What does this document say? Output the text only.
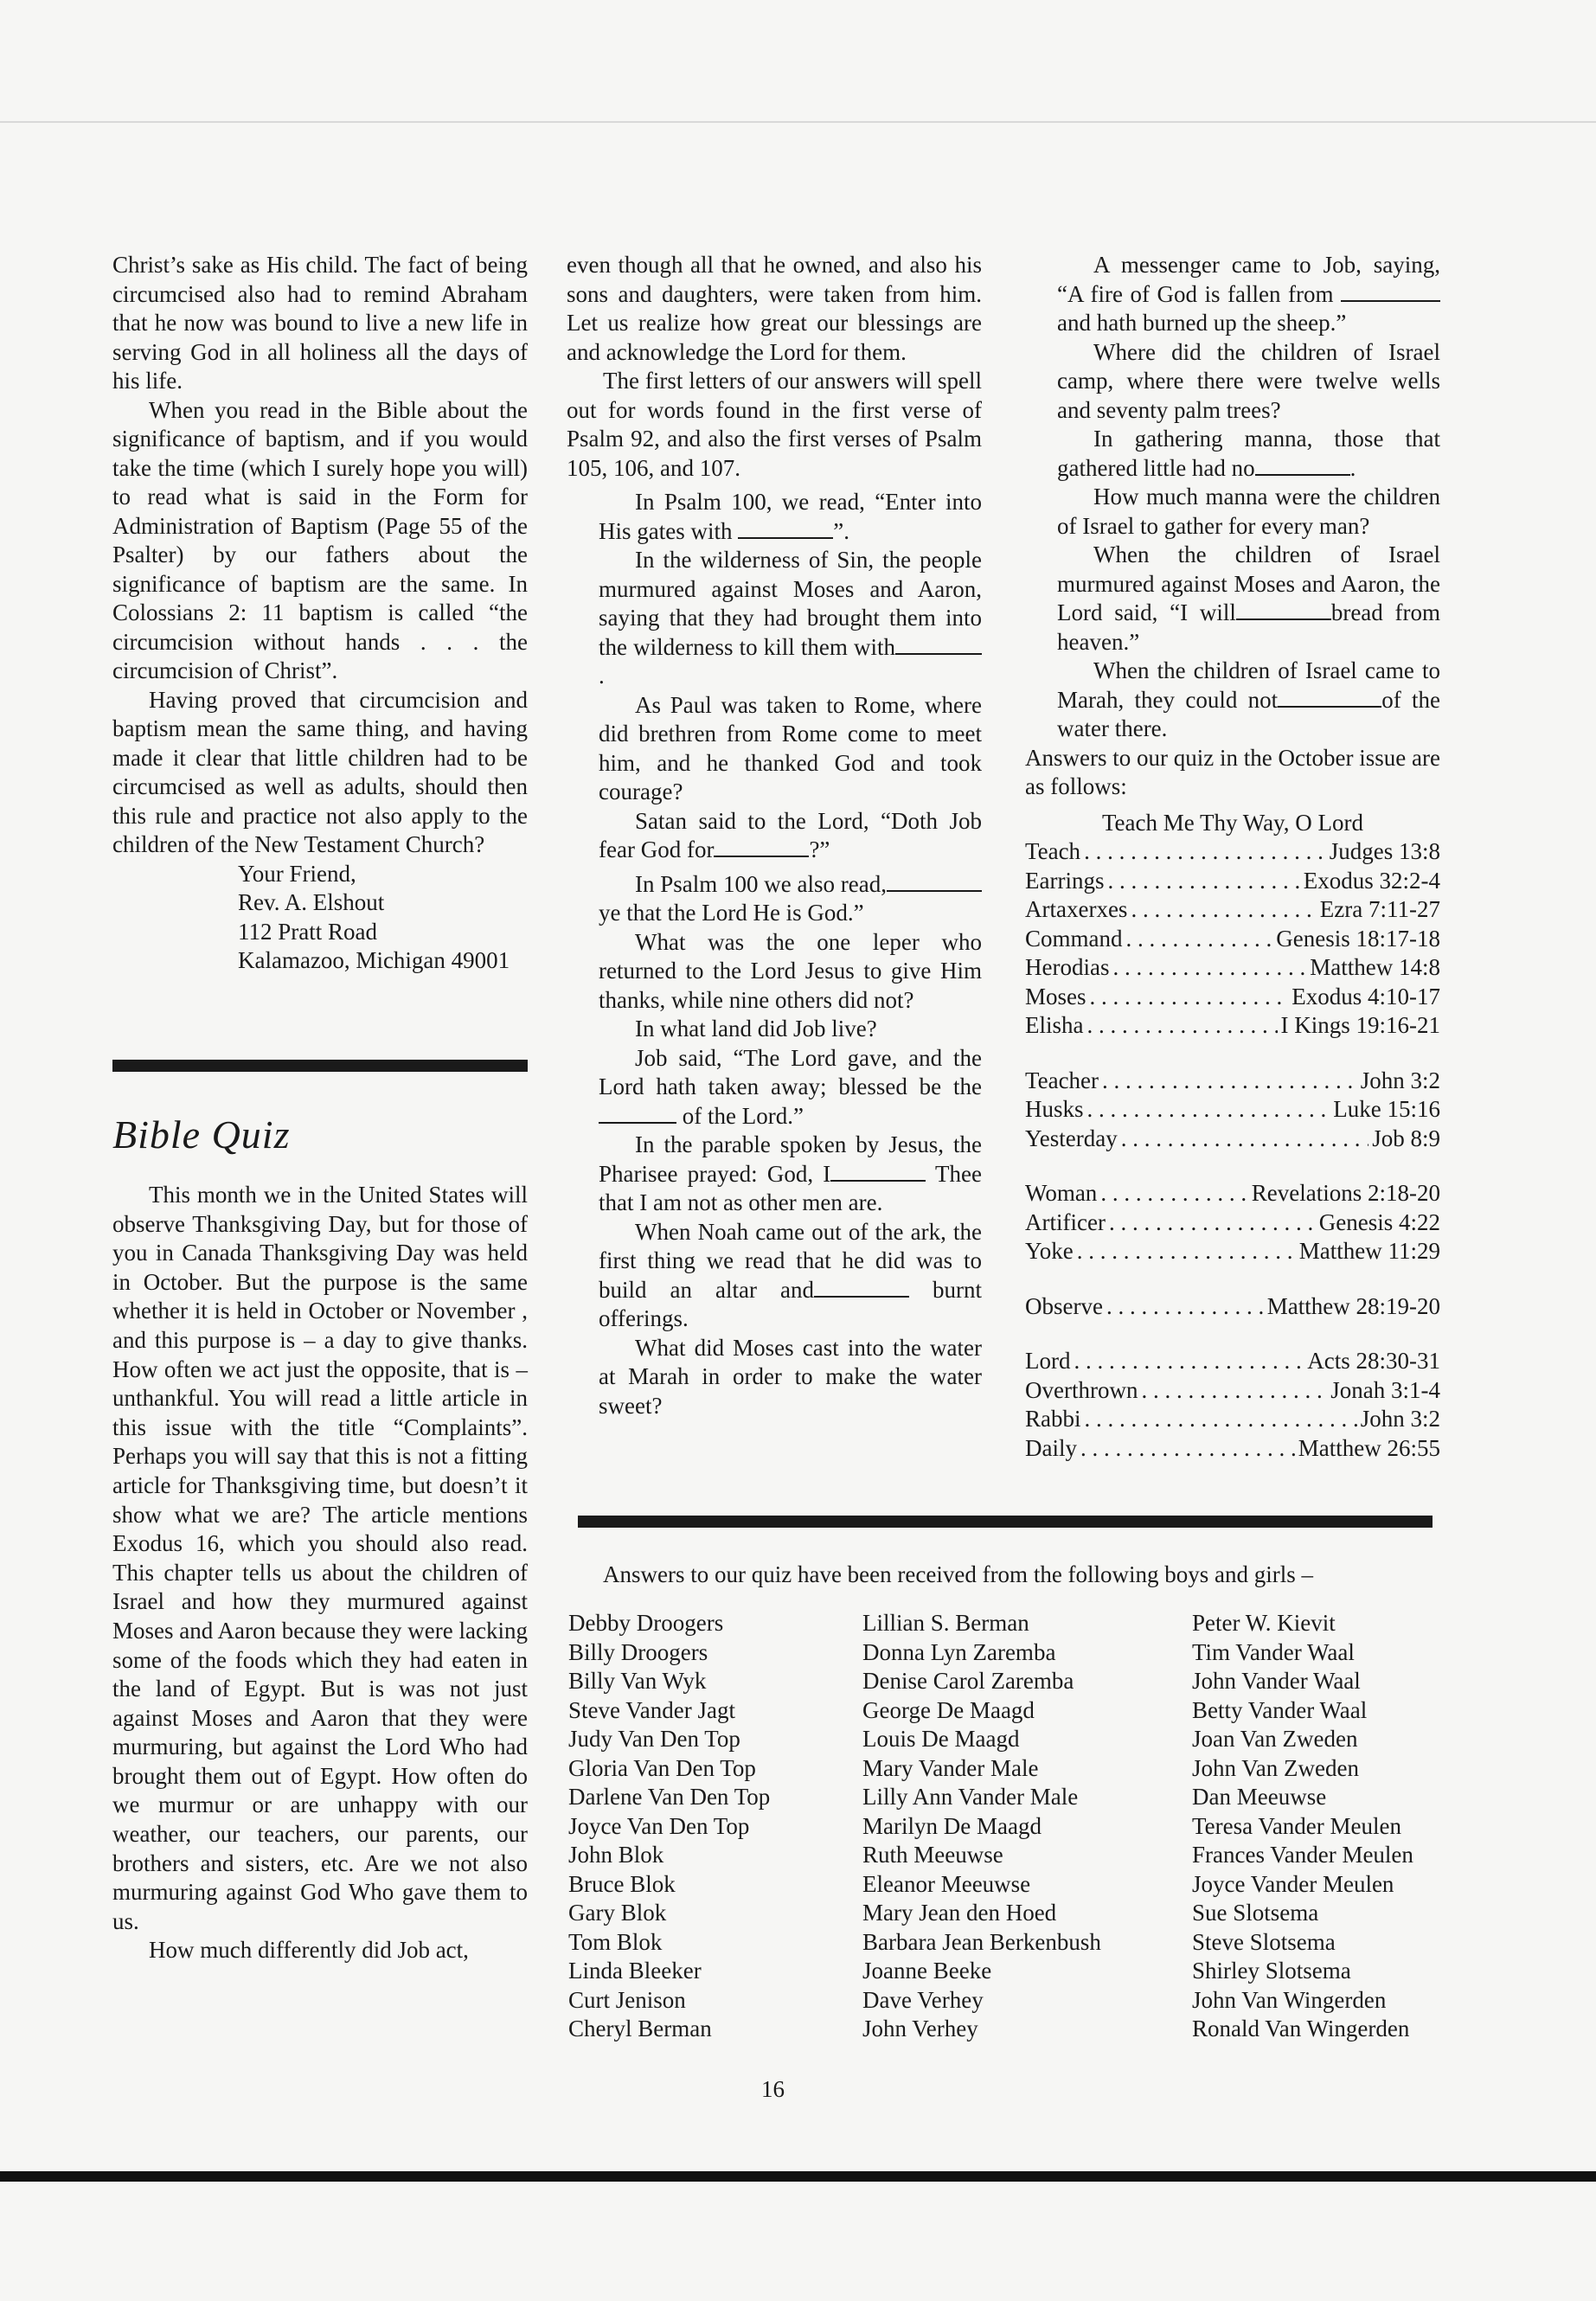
Christ’s sake as His child. The fact of being circumcised also had to remind Abraham that he now was bound to live a new life in serving God in all holiness all the days of his life.

When you read in the Bible about the significance of baptism, and if you would take the time (which I surely hope you will) to read what is said in the Form for Administration of Baptism (Page 55 of the Psalter) by our fathers about the significance of baptism are the same. In Colossians 2: 11 baptism is called “the circumcision without hands . . . the circumcision of Christ”.

Having proved that circumcision and baptism mean the same thing, and having made it clear that little children had to be circumcised as well as adults, should then this rule and practice not also apply to the children of the New Testament Church?

Your Friend,
Rev. A. Elshout
112 Pratt Road
Kalamazoo, Michigan 49001
Bible Quiz

This month we in the United States will observe Thanksgiving Day, but for those of you in Canada Thanksgiving Day was held in October. But the purpose is the same whether it is held in October or November , and this purpose is – a day to give thanks. How often we act just the opposite, that is – unthankful. You will read a little article in this issue with the title “Complaints”. Perhaps you will say that this is not a fitting article for Thanksgiving time, but doesn’t it show what we are? The article mentions Exodus 16, which you should also read. This chapter tells us about the children of Israel and how they murmured against Moses and Aaron because they were lacking some of the foods which they had eaten in the land of Egypt. But is was not just against Moses and Aaron that they were murmuring, but against the Lord Who had brought them out of Egypt. How often do we murmur or are unhappy with our weather, our teachers, our parents, our brothers and sisters, etc. Are we not also murmuring against God Who gave them to us.

How much differently did Job act,

even though all that he owned, and also his sons and daughters, were taken from him. Let us realize how great our blessings are and acknowledge the Lord for them.

The first letters of our answers will spell out for words found in the first verse of Psalm 92, and also the first verses of Psalm 105, 106, and 107.

In Psalm 100, we read, “Enter into His gates with	”.

In the wilderness of Sin, the people murmured against Moses and Aaron, saying that they had brought them into the wilderness to kill them with.

As Paul was taken to Rome, where did brethren from Rome come to meet him, and he thanked God and took courage?

Satan said to the Lord, “Doth Job fear God for	?”

In Psalm 100 we also read, ye that the Lord He is God.”

What was the one leper who returned to the Lord Jesus to give Him thanks, while nine others did not?

In what land did Job live?

Job said, “The Lord gave, and the Lord hath taken away; blessed be the of the Lord.”

In the parable spoken by Jesus, the Pharisee prayed: God, I	Thee that I am not as other men are.

When Noah came out of the ark, the first thing we read that he did was to build an altar and	burnt offerings.

What did Moses cast into the water at Marah in order to make the water sweet?

A messenger came to Job, saying, “A fire of God is fallen from  and hath burned up the sheep.”

Where did the children of Israel camp, where there were twelve wells and seventy palm trees?

In gathering manna, those that gathered little had no	.

How much manna were the children of Israel to gather for every man?

When the children of Israel murmured against Moses and Aaron, the Lord said, “I will	bread from heaven.”

When the children of Israel came to Marah, they could not	of the water there.

Answers to our quiz in the October issue are as follows:

Teach Me Thy Way, O Lord
Teach . . .	Judges 13:8
Earrings . . .	Exodus 32:2-4
Artaxerxes . . .	Ezra 7:11-27
Command . . .	Genesis 18:17-18
Herodias . . .	Matthew 14:8
Moses . . .	Exodus 4:10-17
Elisha . . .	I Kings 19:16-21
Teacher . . .	John 3:2
Husks . . .	Luke 15:16
Yesterday . . .	Job 8:9
Woman . . .	Revelations 2:18-20
Artificer . . .	Genesis 4:22
Yoke . . .	Matthew 11:29
Observe . . .	Matthew 28:19-20
Lord . . .	Acts 28:30-31
Overthrown . . .	Jonah 3:1-4
Rabbi . . .	John 3:2
Daily . . .	Matthew 26:55
Answers to our quiz have been received from the following boys and girls –
Debby Droogers
Billy Droogers
Billy Van Wyk
Steve Vander Jagt
Judy Van Den Top
Gloria Van Den Top
Darlene Van Den Top
Joyce Van Den Top
John Blok
Bruce Blok
Gary Blok
Tom Blok
Linda Bleeker
Curt Jenison
Cheryl Berman
Lillian S. Berman
Donna Lyn Zaremba
Denise Carol Zaremba
George De Maagd
Louis De Maagd
Mary Vander Male
Lilly Ann Vander Male
Marilyn De Maagd
Ruth Meeuwse
Eleanor Meeuwse
Mary Jean den Hoed
Barbara Jean Berkenbush
Joanne Beeke
Dave Verhey
John Verhey
Peter W. Kievit
Tim Vander Waal
John Vander Waal
Betty Vander Waal
Joan Van Zweden
John Van Zweden
Dan Meeuwse
Teresa Vander Meulen
Frances Vander Meulen
Joyce Vander Meulen
Sue Slotsema
Steve Slotsema
Shirley Slotsema
John Van Wingerden
Ronald Van Wingerden
16
